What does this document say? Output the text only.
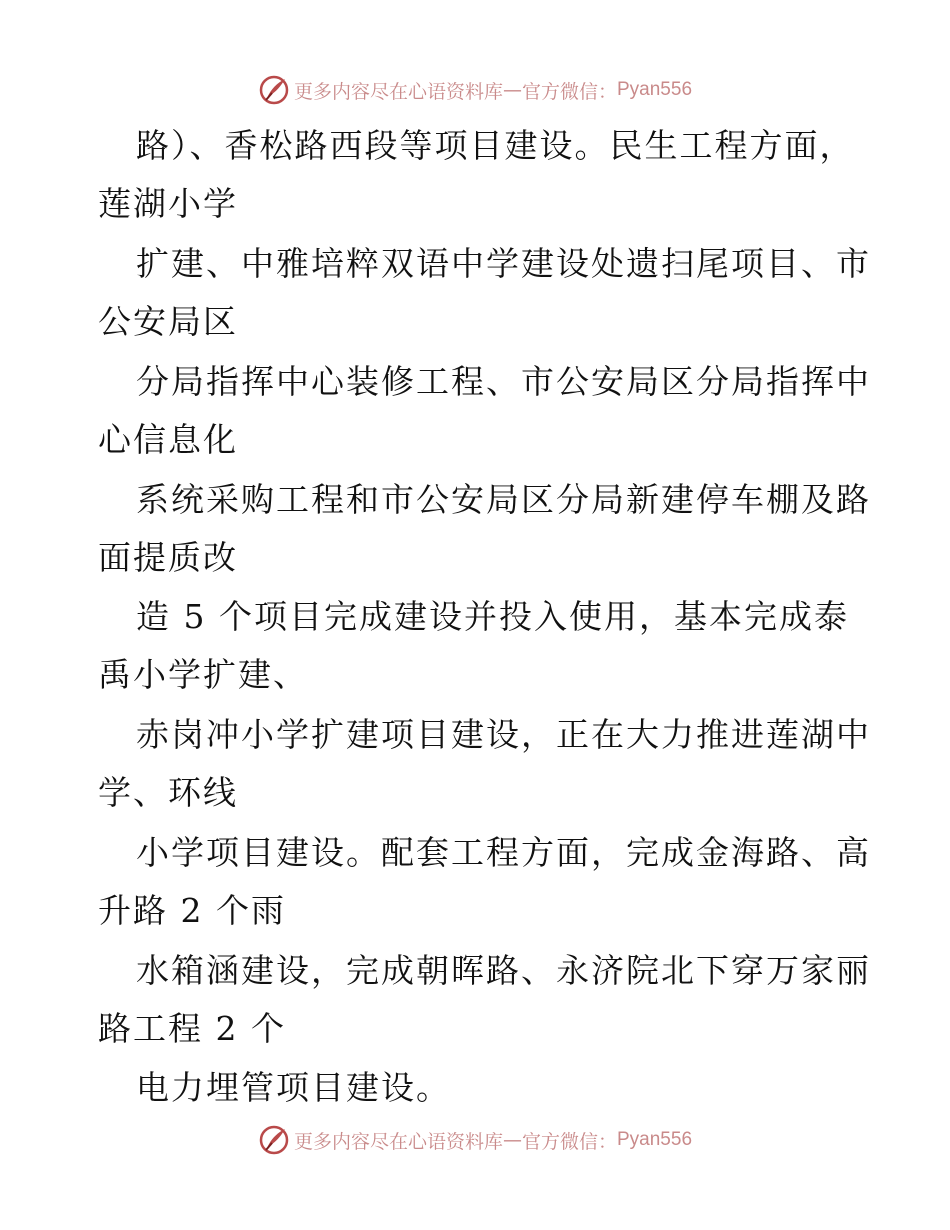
更多内容尽在心语资料库 — 官方微信： Pyan556
路）、香松路西段等项目建设。民生工程方面，
莲湖小学
扩建、中雅培粹双语中学建设处遗扫尾项目、市
公安局区
分局指挥中心装修工程、市公安局区分局指挥中
心信息化
系统采购工程和市公安局区分局新建停车棚及路
面提质改
造 5 个项目完成建设并投入使用，基本完成泰
禹小学扩建、
赤岗冲小学扩建项目建设，正在大力推进莲湖中
学、环线
小学项目建设。配套工程方面，完成金海路、高
升路 2 个雨
水箱涵建设，完成朝晖路、永济院北下穿万家丽
路工程 2 个
电力埋管项目建设。
更多内容尽在心语资料库 — 官方微信： Pyan556
